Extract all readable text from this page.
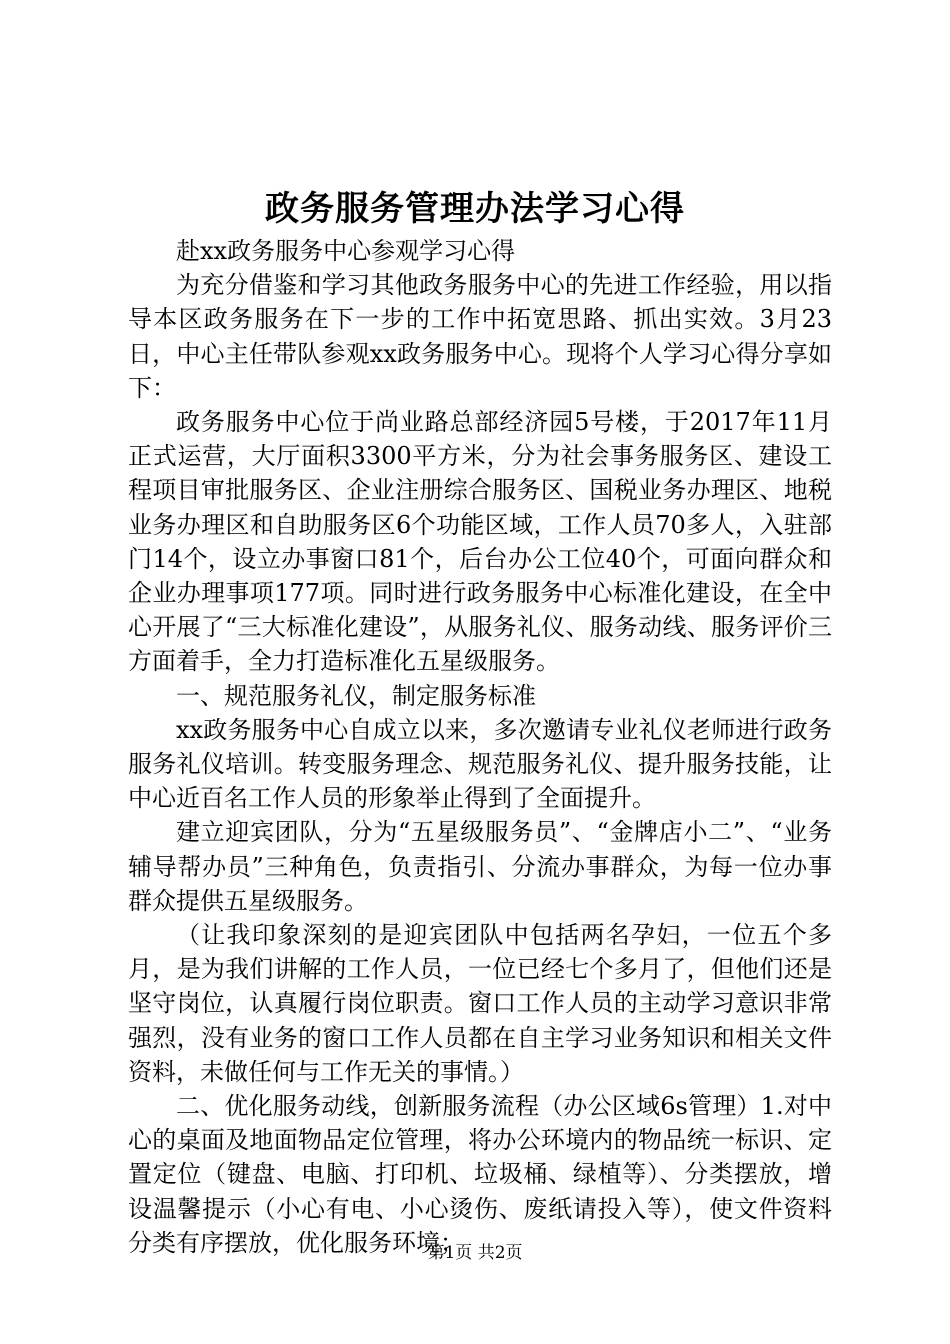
政务服务管理办法学习心得

赴xx政务服务中心参观学习心得

为充分借鉴和学习其他政务服务中心的先进工作经验，用以指导本区政务服务在下一步的工作中拓宽思路、抓出实效。3月23日，中心主任带队参观xx政务服务中心。现将个人学习心得分享如下：

政务服务中心位于尚业路总部经济园5号楼，于2017年11月正式运营，大厅面积3300平方米，分为社会事务服务区、建设工程项目审批服务区、企业注册综合服务区、国税业务办理区、地税业务办理区和自助服务区6个功能区域，工作人员70多人，入驻部门14个，设立办事窗口81个，后台办公工位40个，可面向群众和企业办理事项177项。同时进行政务服务中心标准化建设，在全中心开展了“三大标准化建设”，从服务礼仪、服务动线、服务评价三方面着手，全力打造标准化五星级服务。

一、规范服务礼仪，制定服务标准

xx政务服务中心自成立以来，多次邀请专业礼仪老师进行政务服务礼仪培训。转变服务理念、规范服务礼仪、提升服务技能，让中心近百名工作人员的形象举止得到了全面提升。

建立迎宾团队，分为“五星级服务员”、“金牌店小二”、“业务辅导帮办员”三种角色，负责指引、分流办事群众，为每一位办事群众提供五星级服务。

（让我印象深刻的是迎宾团队中包括两名孕妇，一位五个多月，是为我们讲解的工作人员，一位已经七个多月了，但他们还是坚守岗位，认真履行岗位职责。窗口工作人员的主动学习意识非常强烈，没有业务的窗口工作人员都在自主学习业务知识和相关文件资料，未做任何与工作无关的事情。）

二、优化服务动线，创新服务流程（办公区域6s管理）1.对中心的桌面及地面物品定位管理，将办公环境内的物品统一标识、定置定位（键盘、电脑、打印机、垃圾桶、绿植等）、分类摆放，增设温馨提示（小心有电、小心烫伤、废纸请投入等），使文件资料分类有序摆放，优化服务环境；

第1页 共2页
